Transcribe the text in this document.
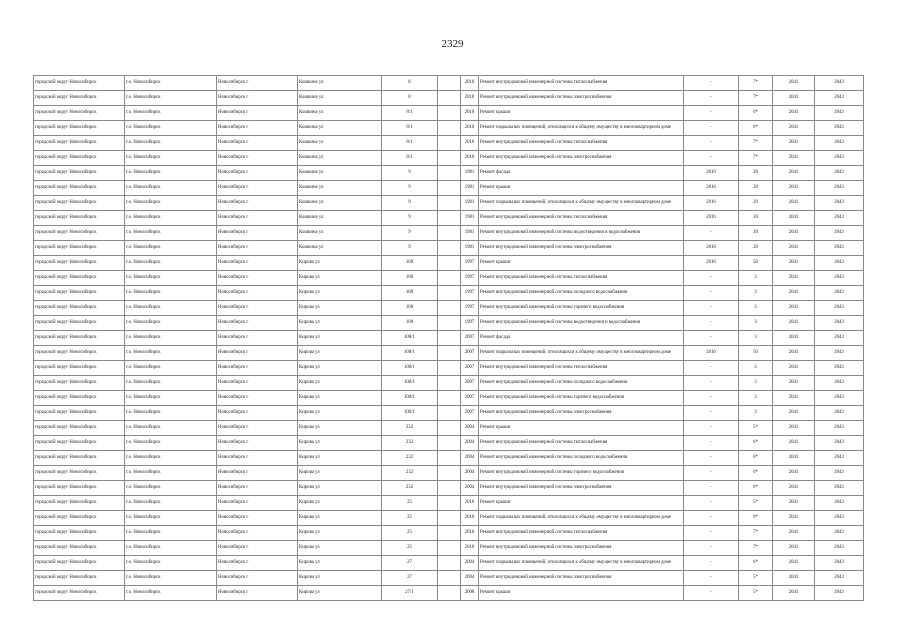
2329
городской округ Новосибирск	г.о. Новосибирск	Новосибирск г	Кошкина ул	8		2010	Ремонт внутридомовой инженерной системы теплоснабжения	-	7*	2041	2043
городской округ Новосибирск	г.о. Новосибирск	Новосибирск г	Кошкина ул	8		2010	Ремонт внутридомовой инженерной системы электроснабжения	-	7*	2041	2043
городской округ Новосибирск	г.о. Новосибирск	Новосибирск г	Кошкина ул	8/1		2010	Ремонт крыши	-	6*	2041	2043
городской округ Новосибирск	г.о. Новосибирск	Новосибирск г	Кошкина ул	8/1		2010	Ремонт подвальных помещений, относящихся к общему имуществу в многоквартирном доме	-	6*	2041	2043
городской округ Новосибирск	г.о. Новосибирск	Новосибирск г	Кошкина ул	8/1		2010	Ремонт внутридомовой инженерной системы теплоснабжения	-	7*	2041	2043
городской округ Новосибирск	г.о. Новосибирск	Новосибирск г	Кошкина ул	8/1		2010	Ремонт внутридомовой инженерной системы электроснабжения	-	7*	2041	2043
городской округ Новосибирск	г.о. Новосибирск	Новосибирск г	Кошкина ул	9		1981	Ремонт фасада	2016	20	2041	2043
городской округ Новосибирск	г.о. Новосибирск	Новосибирск г	Кошкина ул	9		1981	Ремонт крыши	2016	20	2041	2043
городской округ Новосибирск	г.о. Новосибирск	Новосибирск г	Кошкина ул	9		1981	Ремонт подвальных помещений, относящихся к общему имуществу в многоквартирном доме	2016	20	2041	2043
городской округ Новосибирск	г.о. Новосибирск	Новосибирск г	Кошкина ул	9		1981	Ремонт внутридомовой инженерной системы теплоснабжения	2016	20	2041	2043
городской округ Новосибирск	г.о. Новосибирск	Новосибирск г	Кошкина ул	9		1981	Ремонт внутридомовой инженерной системы водоотведения и водоснабжения	-	20	2041	2043
городской округ Новосибирск	г.о. Новосибирск	Новосибирск г	Кошкина ул	9		1981	Ремонт внутридомовой инженерной системы электроснабжения	2016	20	2041	2043
городской округ Новосибирск	г.о. Новосибирск	Новосибирск г	Кирова ул	108		1997	Ремонт крыши	2016	50	2041	2043
городской округ Новосибирск	г.о. Новосибирск	Новосибирск г	Кирова ул	108		1997	Ремонт внутридомовой инженерной системы теплоснабжения	-	3	2041	2043
городской округ Новосибирск	г.о. Новосибирск	Новосибирск г	Кирова ул	108		1997	Ремонт внутридомовой инженерной системы холодного водоснабжения	-	3	2041	2043
городской округ Новосибирск	г.о. Новосибирск	Новосибирск г	Кирова ул	108		1997	Ремонт внутридомовой инженерной системы горячего водоснабжения	-	3	2041	2043
городской округ Новосибирск	г.о. Новосибирск	Новосибирск г	Кирова ул	108		1997	Ремонт внутридомовой инженерной системы водоотведения и водоснабжения	-	3	2041	2043
городской округ Новосибирск	г.о. Новосибирск	Новосибирск г	Кирова ул	108/1		2007	Ремонт фасада	-	3	2041	2043
городской округ Новосибирск	г.о. Новосибирск	Новосибирск г	Кирова ул	108/1		2007	Ремонт подвальных помещений, относящихся к общему имуществу в многоквартирном доме	2016	50	2041	2043
городской округ Новосибирск	г.о. Новосибирск	Новосибирск г	Кирова ул	108/1		2007	Ремонт внутридомовой инженерной системы теплоснабжения	-	3	2041	2043
городской округ Новосибирск	г.о. Новосибирск	Новосибирск г	Кирова ул	108/1		2007	Ремонт внутридомовой инженерной системы холодного водоснабжения	-	3	2041	2043
городской округ Новосибирск	г.о. Новосибирск	Новосибирск г	Кирова ул	108/1		2007	Ремонт внутридомовой инженерной системы горячего водоснабжения	-	3	2041	2043
городской округ Новосибирск	г.о. Новосибирск	Новосибирск г	Кирова ул	108/1		2007	Ремонт внутридомовой инженерной системы электроснабжения	-	3	2041	2043
городской округ Новосибирск	г.о. Новосибирск	Новосибирск г	Кирова ул	232		2004	Ремонт крыши	-	5*	2041	2043
городской округ Новосибирск	г.о. Новосибирск	Новосибирск г	Кирова ул	232		2004	Ремонт внутридомовой инженерной системы теплоснабжения	-	6*	2041	2043
городской округ Новосибирск	г.о. Новосибирск	Новосибирск г	Кирова ул	232		2004	Ремонт внутридомовой инженерной системы холодного водоснабжения	-	6*	2041	2043
городской округ Новосибирск	г.о. Новосибирск	Новосибирск г	Кирова ул	232		2004	Ремонт внутридомовой инженерной системы горячего водоснабжения	-	6*	2041	2043
городской округ Новосибирск	г.о. Новосибирск	Новосибирск г	Кирова ул	232		2004	Ремонт внутридомовой инженерной системы электроснабжения	-	6*	2041	2043
городской округ Новосибирск	г.о. Новосибирск	Новосибирск г	Кирова ул	25		2010	Ремонт крыши	-	5*	2041	2043
городской округ Новосибирск	г.о. Новосибирск	Новосибирск г	Кирова ул	25		2010	Ремонт подвальных помещений, относящихся к общему имуществу в многоквартирном доме	-	9*	2041	2043
городской округ Новосибирск	г.о. Новосибирск	Новосибирск г	Кирова ул	25		2010	Ремонт внутридомовой инженерной системы теплоснабжения	-	7*	2041	2043
городской округ Новосибирск	г.о. Новосибирск	Новосибирск г	Кирова ул	25		2010	Ремонт внутридомовой инженерной системы электроснабжения	-	7*	2041	2043
городской округ Новосибирск	г.о. Новосибирск	Новосибирск г	Кирова ул	27		2004	Ремонт подвальных помещений, относящихся к общему имуществу в многоквартирном доме	-	6*	2041	2043
городской округ Новосибирск	г.о. Новосибирск	Новосибирск г	Кирова ул	27		2004	Ремонт внутридомовой инженерной системы электроснабжения	-	5*	2041	2043
городской округ Новосибирск	г.о. Новосибирск	Новосибирск г	Кирова ул	27/1		2008	Ремонт крыши	-	5*	2041	2043
